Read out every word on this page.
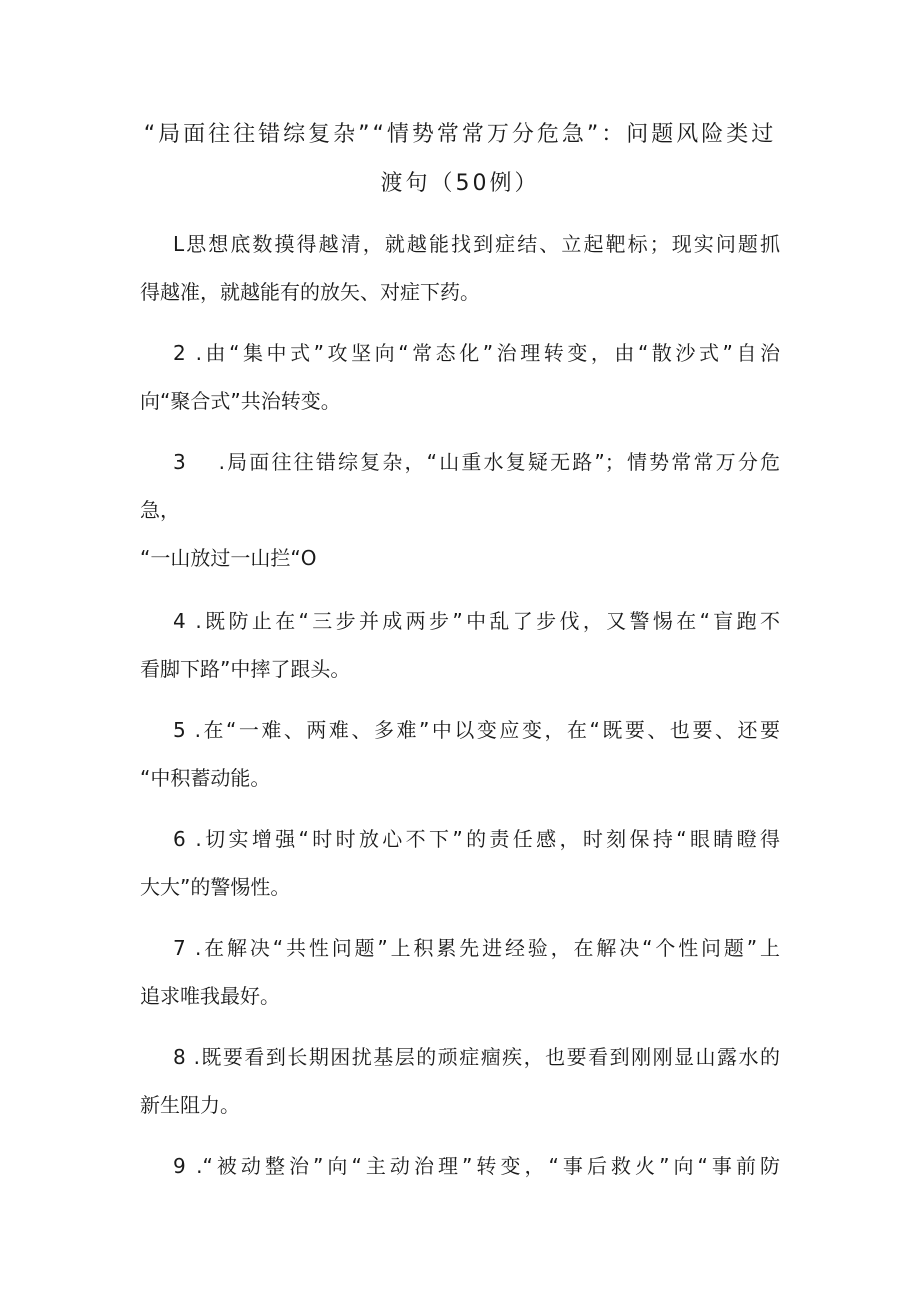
“局面往往错综复杂”“情势常常万分危急”：问题风险类过
渡句（50例）

L思想底数摸得越清，就越能找到症结、立起靶标；现实问题抓

得越准，就越能有的放矢、对症下药。

2 .由“集中式”攻坚向“常态化”治理转变，由“散沙式”自治

向“聚合式”共治转变。

3　 .局面往往错综复杂，“山重水复疑无路”；情势常常万分危

急，

“一山放过一山拦“O

4 .既防止在“三步并成两步”中乱了步伐，又警惕在“盲跑不

看脚下路”中摔了跟头。

5 .在“一难、两难、多难”中以变应变，在“既要、也要、还要

“中积蓄动能。

6 .切实增强“时时放心不下”的责任感，时刻保持“眼睛瞪得

大大”的警惕性。

7 .在解决“共性问题”上积累先进经验，在解决“个性问题”上

追求唯我最好。

8 .既要看到长期困扰基层的顽症痼疾，也要看到刚刚显山露水的

新生阻力。

9 .“被动整治”向“主动治理”转变，“事后救火”向“事前防
